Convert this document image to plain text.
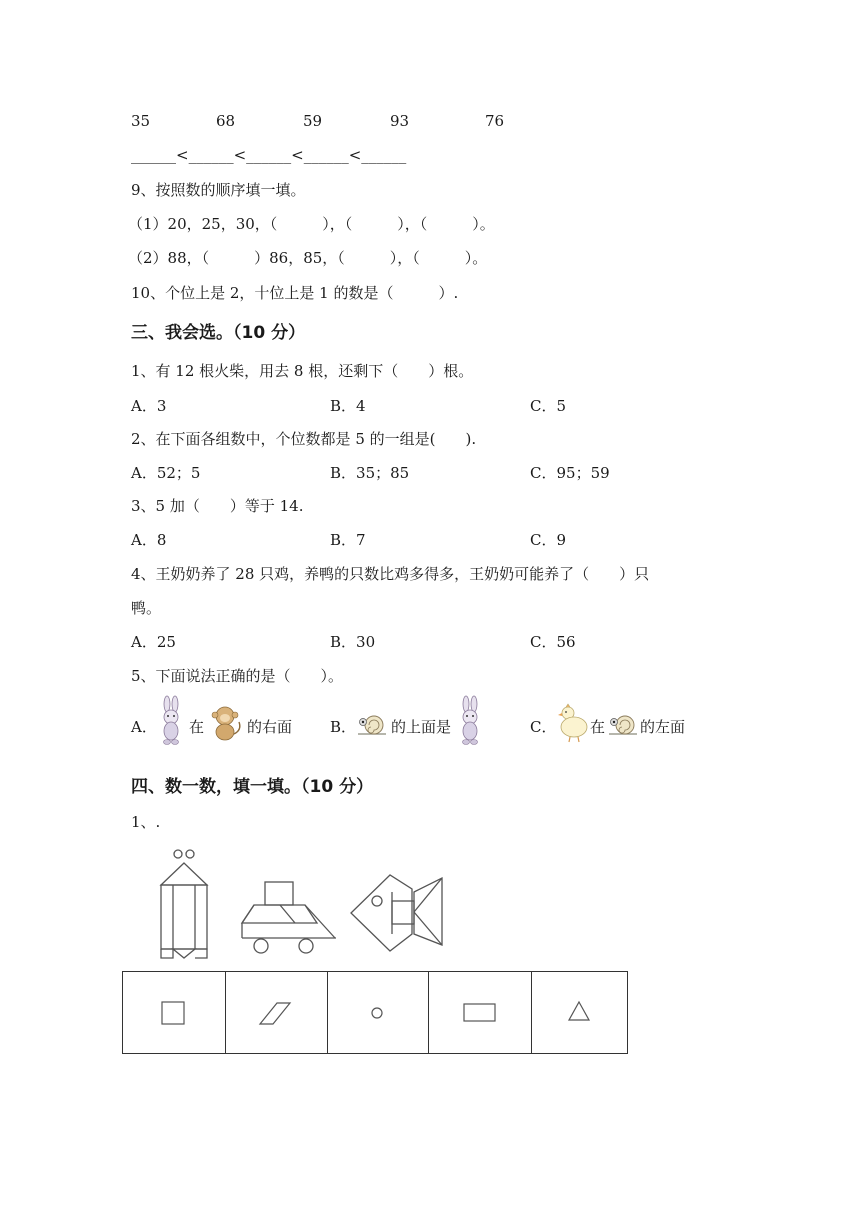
35	68	59	93	76
______<______<______<______<______
9、按照数的顺序填一填。
（1）20，25，30，（　　　），（　　　），（　　　）。
（2）88，（　　　）86，85，（　　　），（　　　）。
10、个位上是 2，十位上是 1 的数是（　　　）.
三、我会选。（10 分）
1、有 12 根火柴，用去 8 根，还剩下（　　）根。
A．3	B．4	C．5
2、在下面各组数中，个位数都是 5 的一组是(　　).
A．52；5	B．35；85	C．95；59
3、5 加（　　）等于 14.
A．8	B．7	C．9
4、王奶奶养了 28 只鸡，养鸭的只数比鸡多得多，王奶奶可能养了（　　）只
鸭。
A．25	B．30	C．56
5、下面说法正确的是（　　）。
A． 在	的右面	B． 的上面是	C． 在 的左面
四、数一数，填一填。（10 分）
1、.
